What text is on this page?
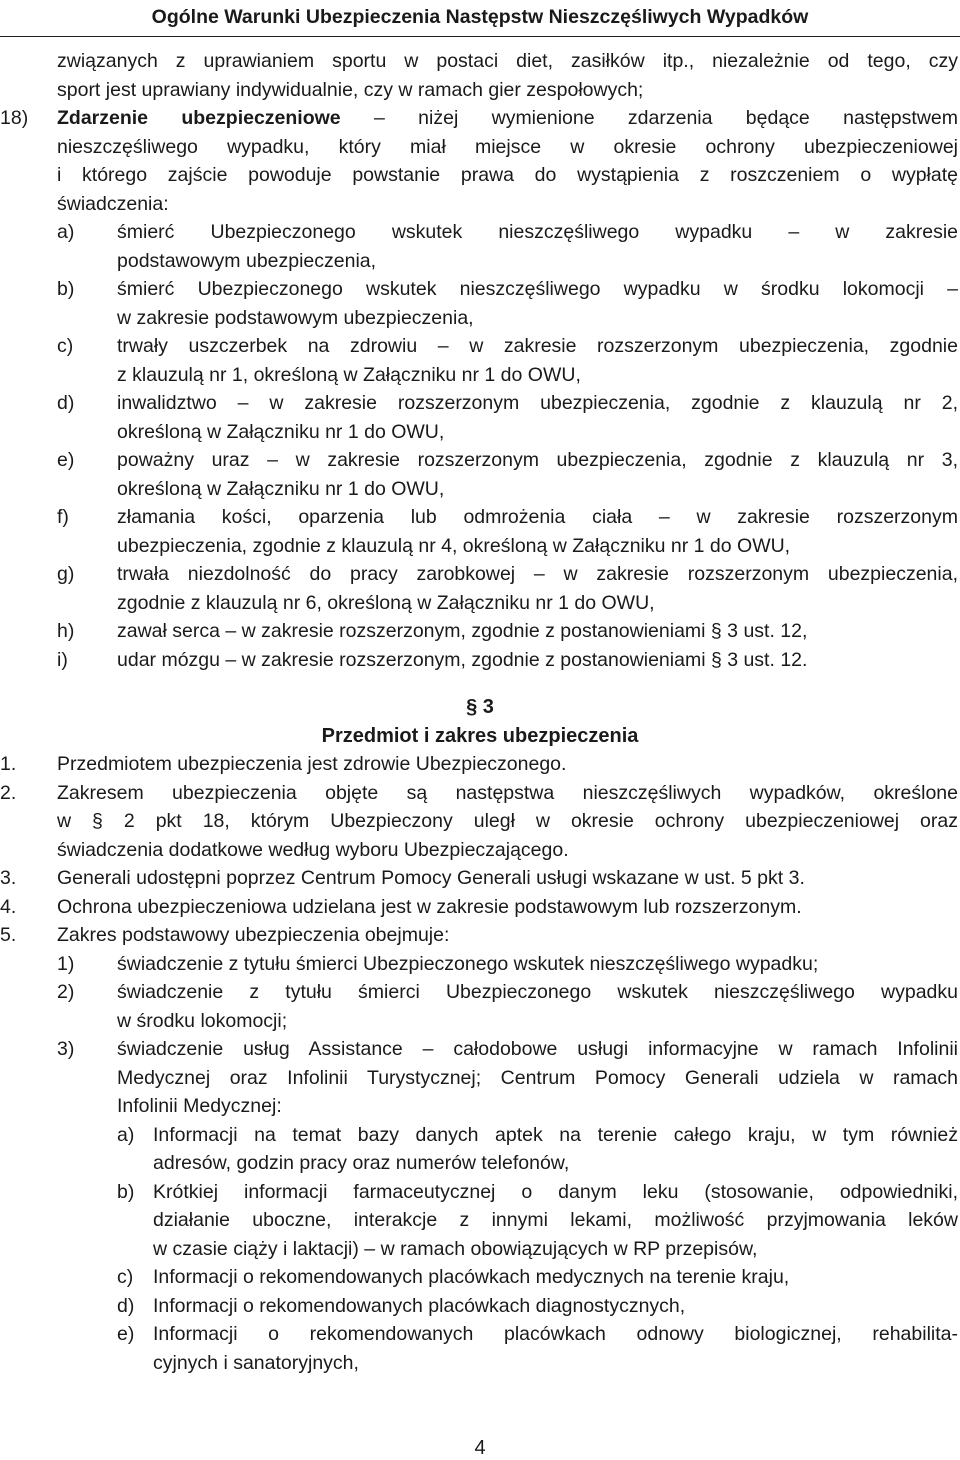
Ogólne Warunki Ubezpieczenia Następstw Nieszczęśliwych Wypadków
związanych z uprawianiem sportu w postaci diet, zasiłków itp., niezależnie od tego, czy
sport jest uprawiany indywidualnie, czy w ramach gier zespołowych;
18) Zdarzenie ubezpieczeniowe – niżej wymienione zdarzenia będące następstwem
nieszczęśliwego wypadku, który miał miejsce w okresie ochrony ubezpieczeniowej
i którego zajście powoduje powstanie prawa do wystąpienia z roszczeniem o wypłatę
świadczenia:
a) śmierć Ubezpieczonego wskutek nieszczęśliwego wypadku – w zakresie
podstawowym ubezpieczenia,
b) śmierć Ubezpieczonego wskutek nieszczęśliwego wypadku w środku lokomocji –
w zakresie podstawowym ubezpieczenia,
c) trwały uszczerbek na zdrowiu – w zakresie rozszerzonym ubezpieczenia, zgodnie
z klauzulą nr 1, określoną w Załączniku nr 1 do OWU,
d) inwalidztwo – w zakresie rozszerzonym ubezpieczenia, zgodnie z klauzulą nr 2,
określoną w Załączniku nr 1 do OWU,
e) poważny uraz – w zakresie rozszerzonym ubezpieczenia, zgodnie z klauzulą nr 3,
określoną w Załączniku nr 1 do OWU,
f) złamania kości, oparzenia lub odmrożenia ciała – w zakresie rozszerzonym
ubezpieczenia, zgodnie z klauzulą nr 4, określoną w Załączniku nr 1 do OWU,
g) trwała niezdolność do pracy zarobkowej – w zakresie rozszerzonym ubezpieczenia,
zgodnie z klauzulą nr 6, określoną w Załączniku nr 1 do OWU,
h) zawał serca – w zakresie rozszerzonym, zgodnie z postanowieniami § 3 ust. 12,
i)	udar mózgu – w zakresie rozszerzonym, zgodnie z postanowieniami § 3 ust. 12.
§ 3
Przedmiot i zakres ubezpieczenia
1. Przedmiotem ubezpieczenia jest zdrowie Ubezpieczonego.
2. Zakresem ubezpieczenia objęte są następstwa nieszczęśliwych wypadków, określone
w § 2 pkt 18, którym Ubezpieczony uległ w okresie ochrony ubezpieczeniowej oraz
świadczenia dodatkowe według wyboru Ubezpieczającego.
3. Generali udostępni poprzez Centrum Pomocy Generali usługi wskazane w ust. 5 pkt 3.
4. Ochrona ubezpieczeniowa udzielana jest w zakresie podstawowym lub rozszerzonym.
5. Zakres podstawowy ubezpieczenia obejmuje:
1) świadczenie z tytułu śmierci Ubezpieczonego wskutek nieszczęśliwego wypadku;
2) świadczenie z tytułu śmierci Ubezpieczonego wskutek nieszczęśliwego wypadku
w środku lokomocji;
3) świadczenie usług Assistance – całodobowe usługi informacyjne w ramach Infolinii
Medycznej oraz Infolinii Turystycznej; Centrum Pomocy Generali udziela w ramach
Infolinii Medycznej:
a) Informacji na temat bazy danych aptek na terenie całego kraju, w tym również
adresów, godzin pracy oraz numerów telefonów,
b) Krótkiej informacji farmaceutycznej o danym leku (stosowanie, odpowiedniki,
działanie uboczne, interakcje z innymi lekami, możliwość przyjmowania leków
w czasie ciąży i laktacji) – w ramach obowiązujących w RP przepisów,
c) Informacji o rekomendowanych placówkach medycznych na terenie kraju,
d) Informacji o rekomendowanych placówkach diagnostycznych,
e) Informacji o rekomendowanych placówkach odnowy biologicznej, rehabilita-
cyjnych i sanatoryjnych,
4
